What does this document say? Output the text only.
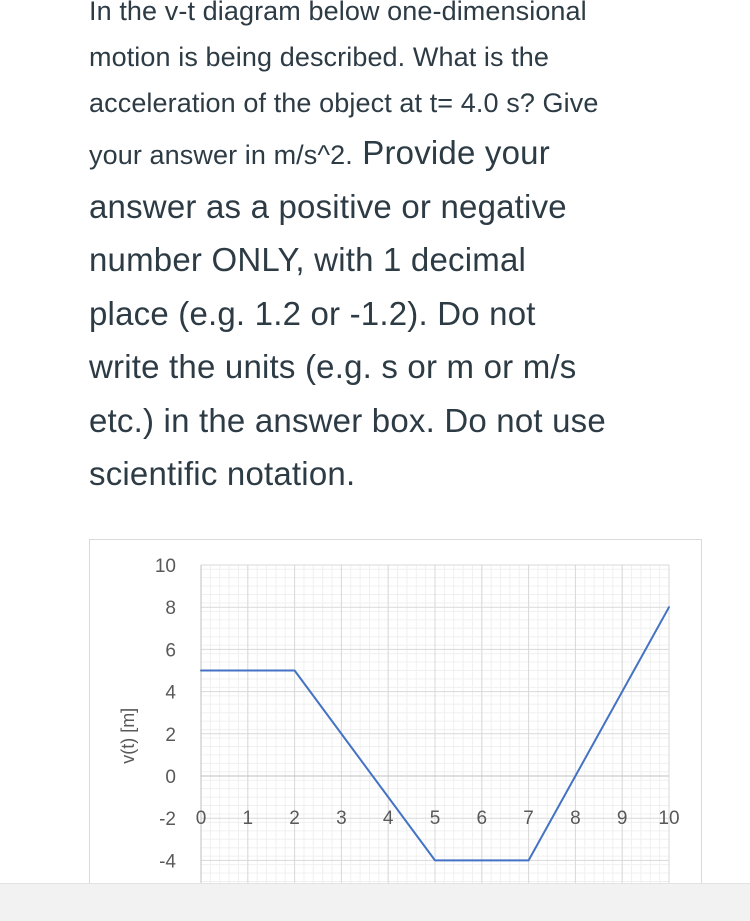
In the v-t diagram below one-dimensional
motion is being described. What is the
acceleration of the object at t= 4.0 s? Give
your answer in m/s^2. Provide your
answer as a positive or negative
number ONLY, with 1 decimal
place (e.g. 1.2 or -1.2). Do not
write the units (e.g. s or m or m/s
etc.) in the answer box. Do not use
scientific notation.
10
8
6
4
2
0
-2
-4
0 1 2 3 4 5 6 7 8 9 10
v(t) [m]
